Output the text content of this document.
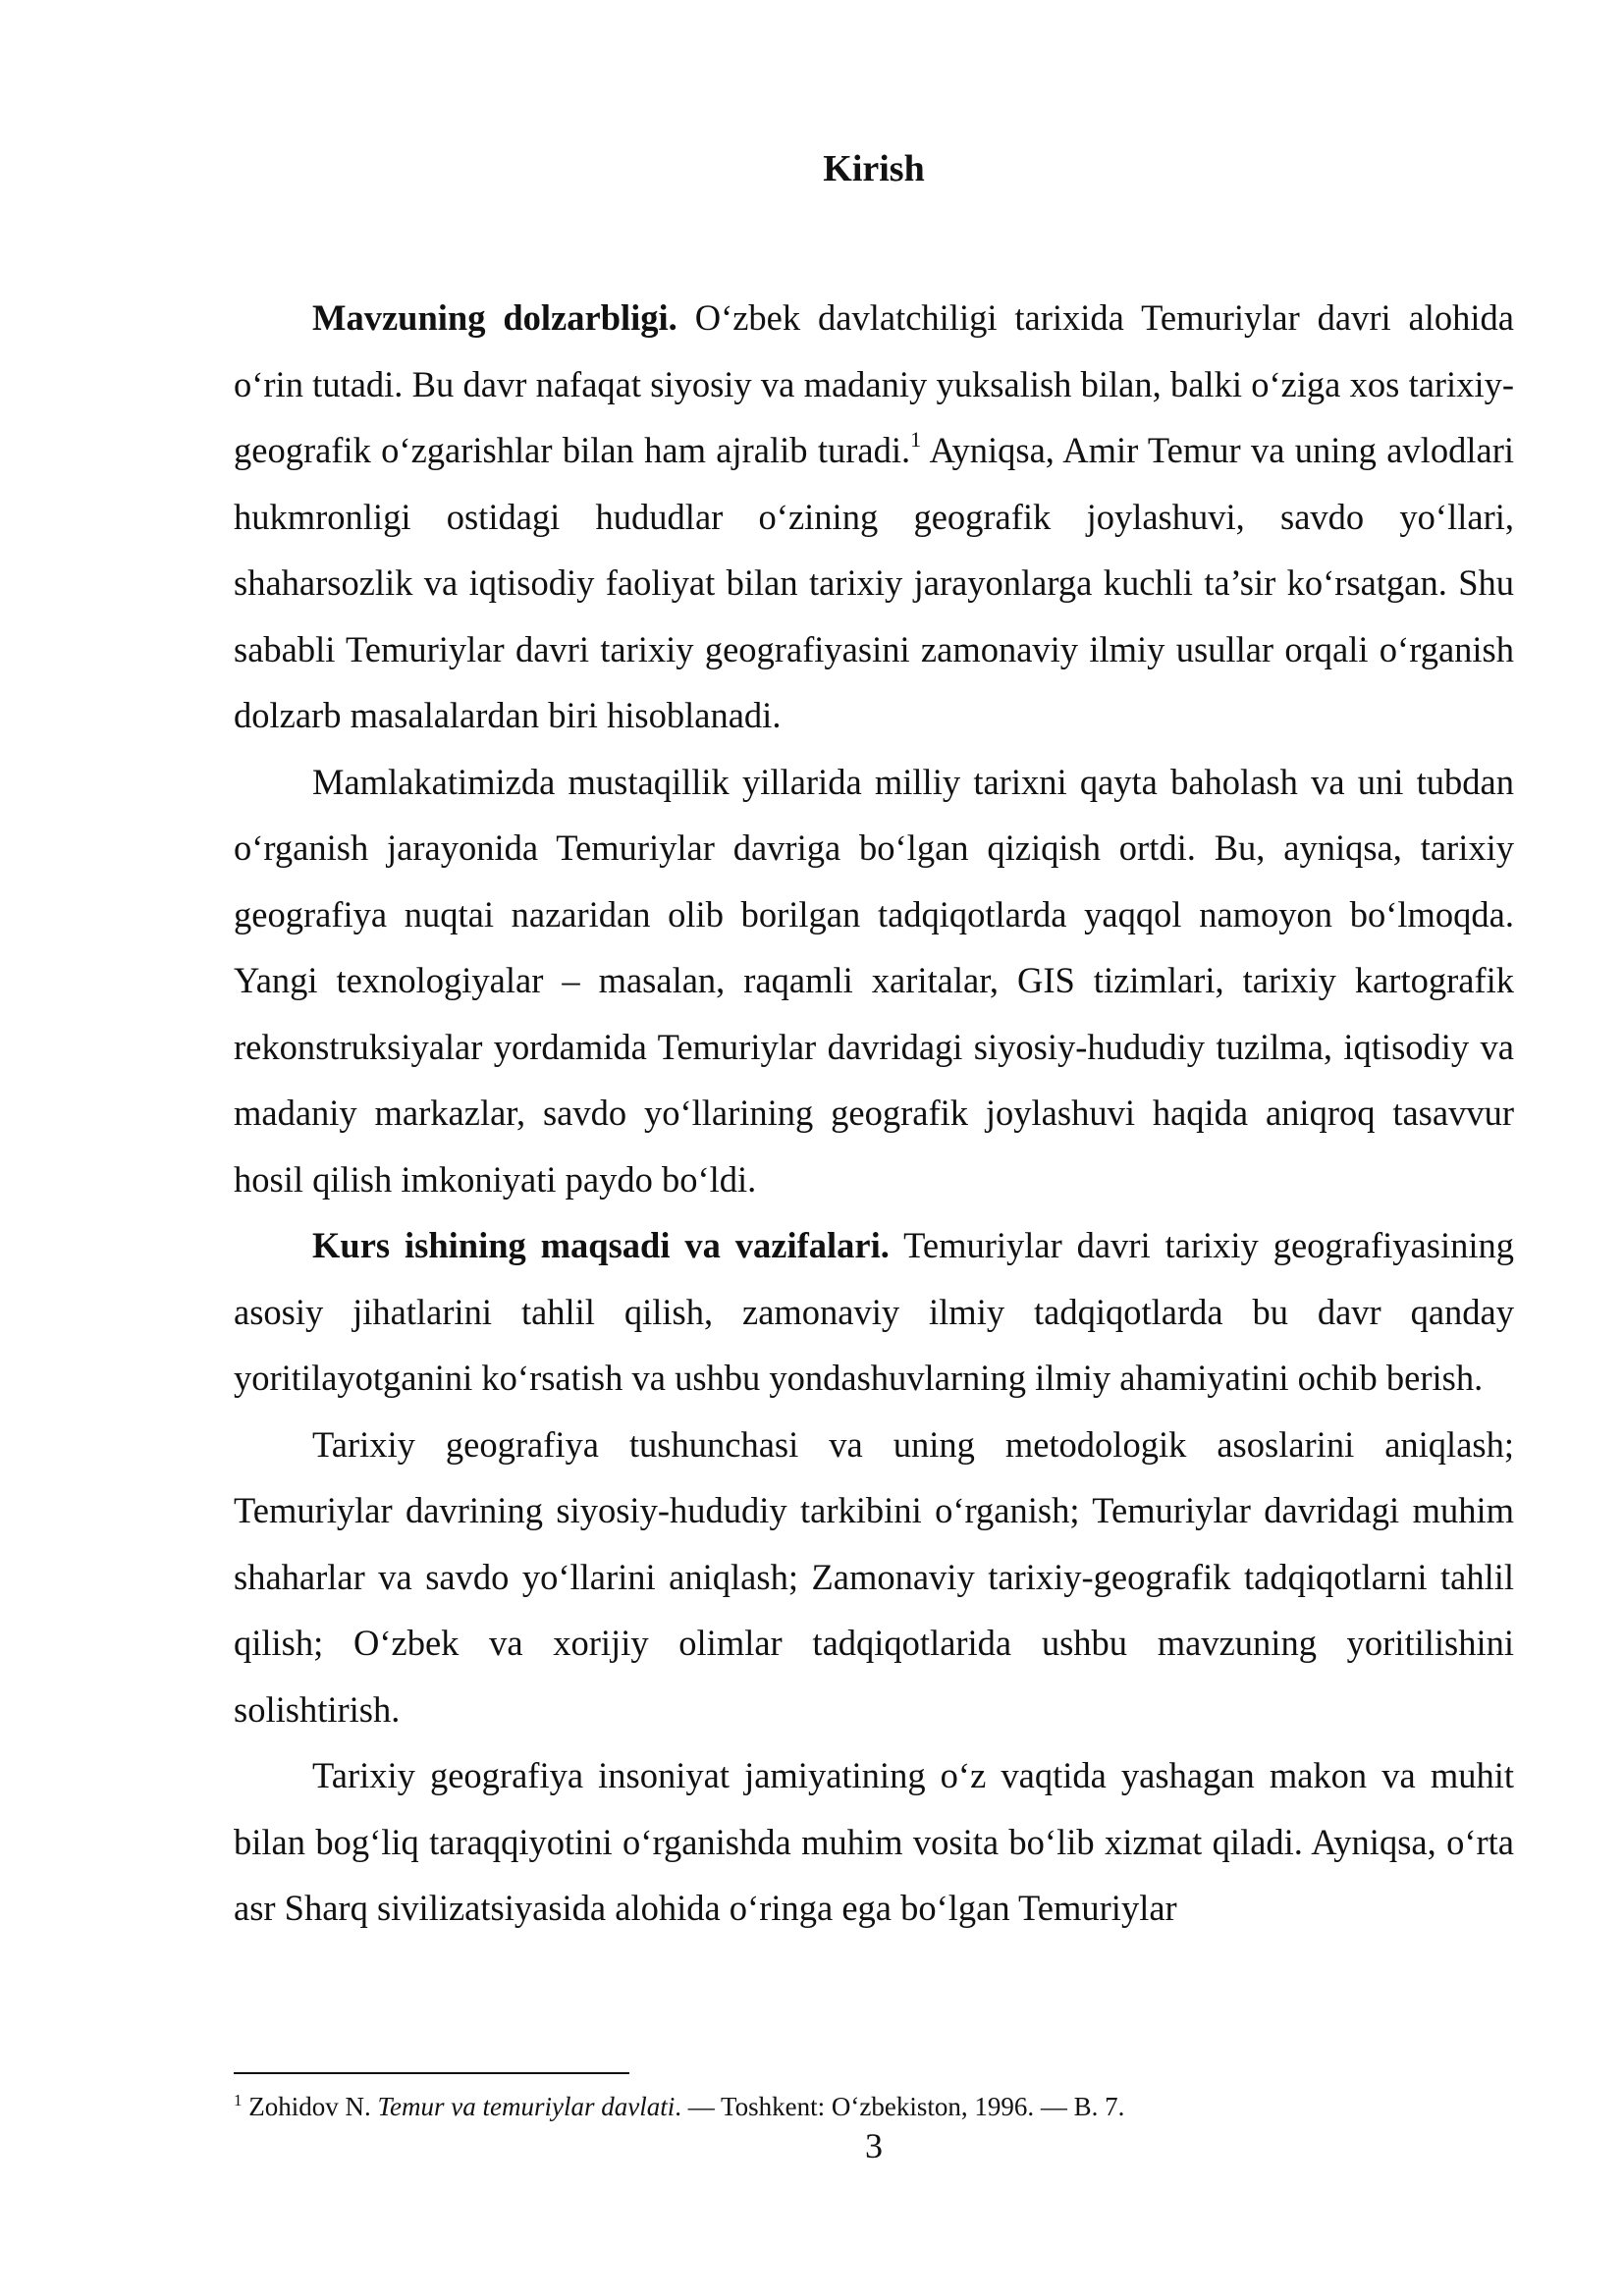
Kirish

Mavzuning dolzarbligi. O‘zbek davlatchiligi tarixida Temuriylar davri alohida o‘rin tutadi. Bu davr nafaqat siyosiy va madaniy yuksalish bilan, balki o‘ziga xos tarixiy-geografik o‘zgarishlar bilan ham ajralib turadi.$^1$ Ayniqsa, Amir Temur va uning avlodlari hukmronligi ostidagi hududlar o‘zining geografik joylashuvi, savdo yo‘llari, shaharsozlik va iqtisodiy faoliyat bilan tarixiy jarayonlarga kuchli ta’sir ko‘rsatgan. Shu sababli Temuriylar davri tarixiy geografiyasini zamonaviy ilmiy usullar orqali o‘rganish dolzarb masalalardan biri hisoblanadi.

Mamlakatimizda mustaqillik yillarida milliy tarixni qayta baholash va uni tubdan o‘rganish jarayonida Temuriylar davriga bo‘lgan qiziqish ortdi. Bu, ayniqsa, tarixiy geografiya nuqtai nazaridan olib borilgan tadqiqotlarda yaqqol namoyon bo‘lmoqda. Yangi texnologiyalar – masalan, raqamli xaritalar, GIS tizimlari, tarixiy kartografik rekonstruksiyalar yordamida Temuriylar davridagi siyosiy-hududiy tuzilma, iqtisodiy va madaniy markazlar, savdo yo‘llarining geografik joylashuvi haqida aniqroq tasavvur hosil qilish imkoniyati paydo bo‘ldi.

Kurs ishining maqsadi va vazifalari. Temuriylar davri tarixiy geografiyasining asosiy jihatlarini tahlil qilish, zamonaviy ilmiy tadqiqotlarda bu davr qanday yoritilayotganini ko‘rsatish va ushbu yondashuvlarning ilmiy ahamiyatini ochib berish.

Tarixiy geografiya tushunchasi va uning metodologik asoslarini aniqlash; Temuriylar davrining siyosiy-hududiy tarkibini o‘rganish; Temuriylar davridagi muhim shaharlar va savdo yo‘llarini aniqlash; Zamonaviy tarixiy-geografik tadqiqotlarni tahlil qilish; O‘zbek va xorijiy olimlar tadqiqotlarida ushbu mavzuning yoritilishini solishtirish.

Tarixiy geografiya insoniyat jamiyatining o‘z vaqtida yashagan makon va muhit bilan bog‘liq taraqqiyotini o‘rganishda muhim vosita bo‘lib xizmat qiladi. Ayniqsa, o‘rta asr Sharq sivilizatsiyasida alohida o‘ringa ega bo‘lgan Temuriylar

$^1$ Zohidov N. Temur va temuriylar davlati. — Toshkent: O‘zbekiston, 1996. — B. 7.
3
